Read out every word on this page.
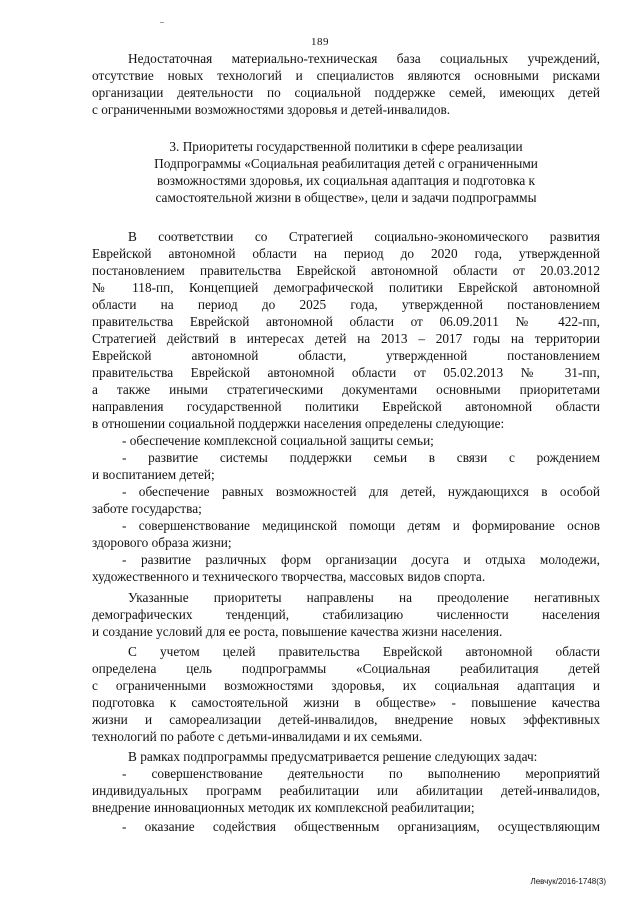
189
Недостаточная материально-техническая база социальных учреждений,
отсутствие новых технологий и специалистов являются основными рисками
организации деятельности по социальной поддержке семей, имеющих детей
с ограниченными возможностями здоровья и детей-инвалидов.
3. Приоритеты государственной политики в сфере реализации
Подпрограммы «Социальная реабилитация детей с ограниченными
возможностями здоровья, их социальная адаптация и подготовка к
самостоятельной жизни в обществе», цели и задачи подпрограммы
В соответствии со Стратегией социально-экономического развития
Еврейской автономной области на период до 2020 года, утвержденной
постановлением правительства Еврейской автономной области от 20.03.2012
№ 118-пп, Концепцией демографической политики Еврейской автономной
области на период до 2025 года, утвержденной постановлением
правительства Еврейской автономной области от 06.09.2011 № 422-пп,
Стратегией действий в интересах детей на 2013 – 2017 годы на территории
Еврейской автономной области, утвержденной постановлением
правительства Еврейской автономной области от 05.02.2013 № 31-пп,
а также иными стратегическими документами основными приоритетами
направления государственной политики Еврейской автономной области
в отношении социальной поддержки населения определены следующие:
- обеспечение комплексной социальной защиты семьи;
- развитие системы поддержки семьи в связи с рождением
и воспитанием детей;
- обеспечение равных возможностей для детей, нуждающихся в особой
заботе государства;
- совершенствование медицинской помощи детям и формирование основ
здорового образа жизни;
- развитие различных форм организации досуга и отдыха молодежи,
художественного и технического творчества, массовых видов спорта.
Указанные приоритеты направлены на преодоление негативных
демографических тенденций, стабилизацию численности населения
и создание условий для ее роста, повышение качества жизни населения.
С учетом целей правительства Еврейской автономной области
определена цель подпрограммы «Социальная реабилитация детей
с ограниченными возможностями здоровья, их социальная адаптация и
подготовка к самостоятельной жизни в обществе» - повышение качества
жизни и самореализации детей-инвалидов, внедрение новых эффективных
технологий по работе с детьми-инвалидами и их семьями.
В рамках подпрограммы предусматривается решение следующих задач:
- совершенствование деятельности по выполнению мероприятий
индивидуальных программ реабилитации или абилитации детей-инвалидов,
внедрение инновационных методик их комплексной реабилитации;
- оказание содействия общественным организациям, осуществляющим
Левчук/2016-1748(3)
